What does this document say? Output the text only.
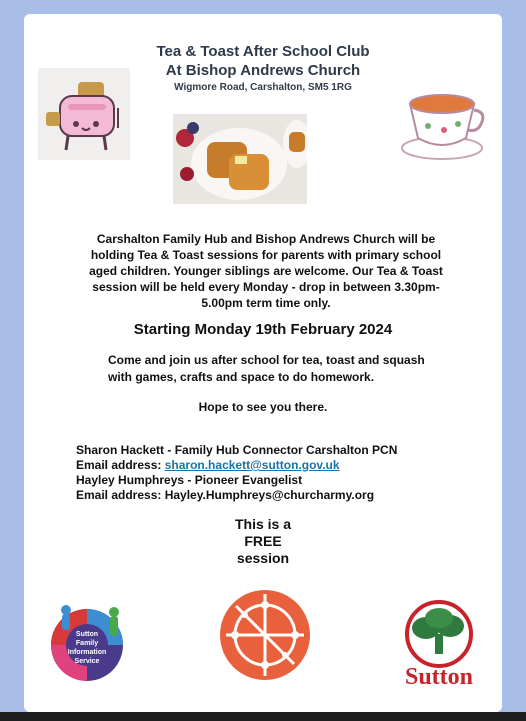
Tea & Toast After School Club
At Bishop Andrews Church
Wigmore Road, Carshalton, SM5 1RG
Carshalton Family Hub and Bishop Andrews Church will be holding Tea & Toast sessions for parents with primary school aged children. Younger siblings are welcome. Our Tea & Toast session will be held every Monday - drop in between 3.30pm-5.00pm term time only.
Starting Monday 19th February 2024
Come and join us after school for tea, toast and squash with games, crafts and space to do homework.
Hope to see you there.
Sharon Hackett - Family Hub Connector Carshalton PCN
Email address: sharon.hackett@sutton.gov.uk
Hayley Humphreys - Pioneer Evangelist
Email address: Hayley.Humphreys@churcharmy.org
This is a
FREE
session
Sutton
Family
Information
Service
Sutton
